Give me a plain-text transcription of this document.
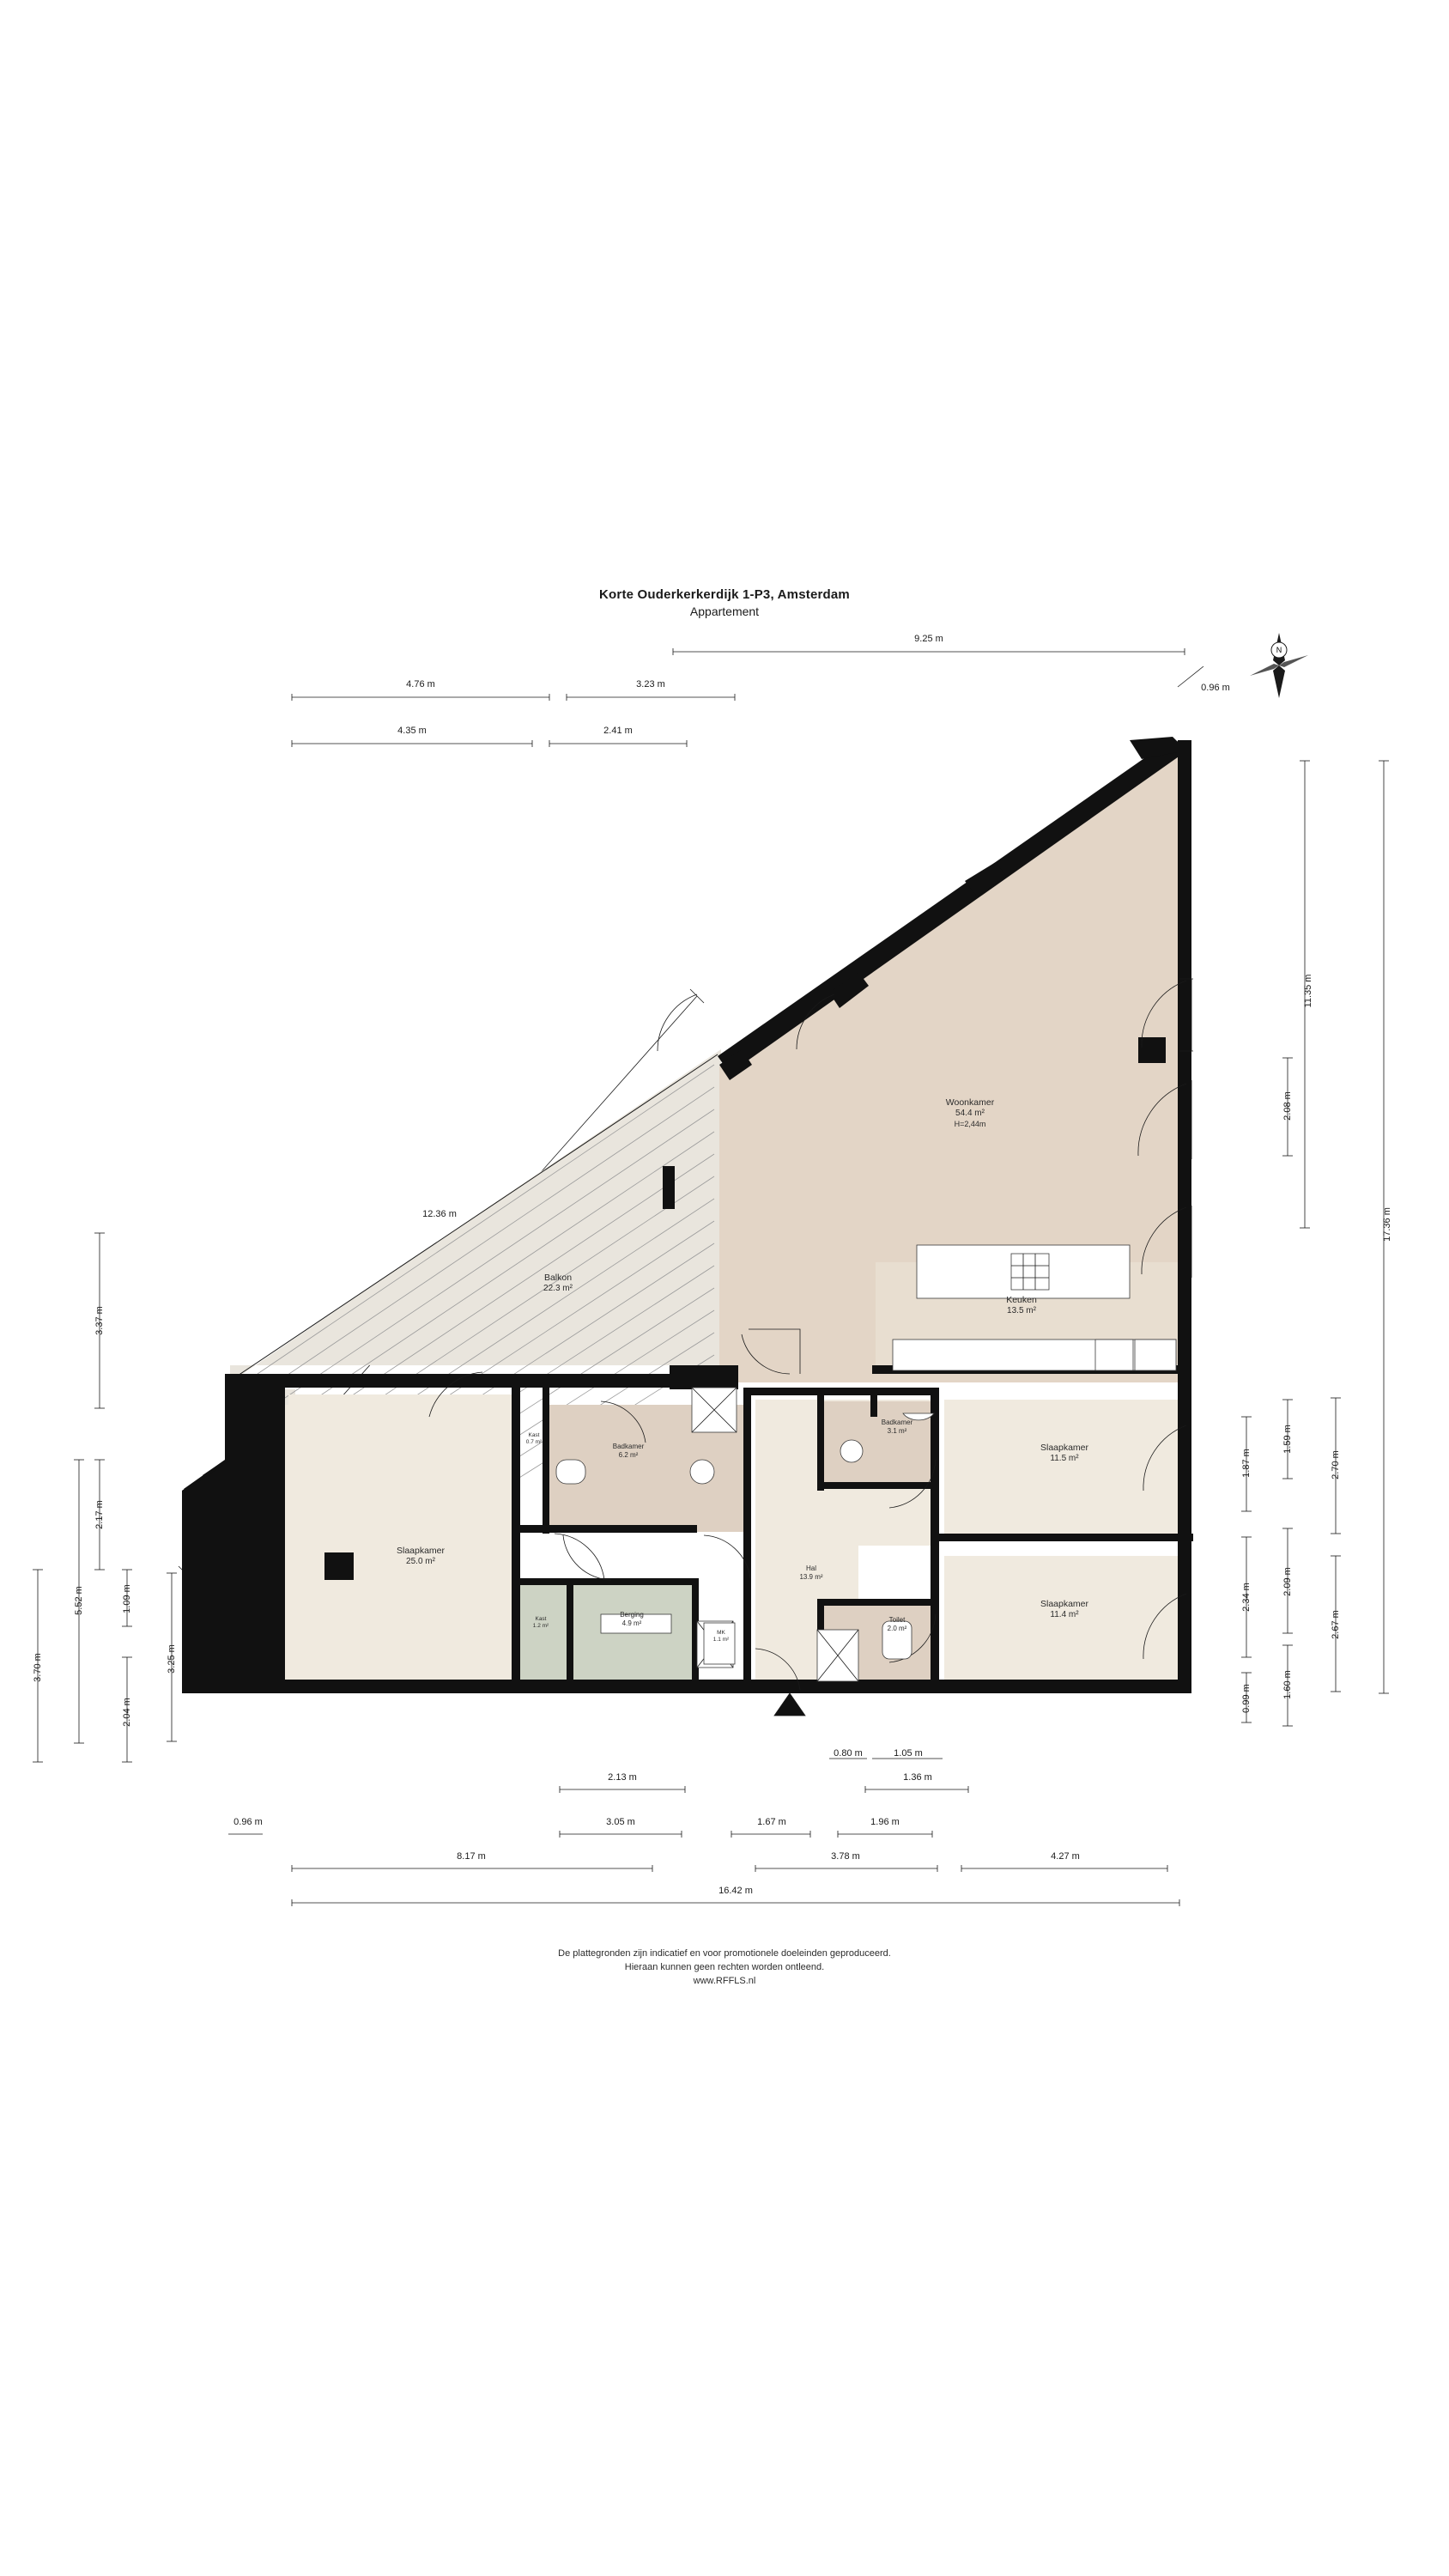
Korte Ouderkerkerdijk 1-P3, Amsterdam
Appartement
N
Woonkamer
54.4 m²
H=2,44m
Keuken
13.5 m²
Balkon
22.3 m²
Slaapkamer
25.0 m²
Slaapkamer
11.5 m²
Slaapkamer
11.4 m²
Badkamer
6.2 m²
Badkamer
3.1 m²
Hal
13.9 m²
Toilet
2.0 m²
Berging
4.9 m²
Kast
0.7 m²
Kast
1.2 m²
MK
1.1 m²
9.25 m
4.76 m	3.23 m
4.35 m	2.41 m
0.96 m
17.36 m
11.35 m
2.08 m
1.87 m
1.59 m
2.70 m
2.34 m
2.09 m
2.67 m
0.99 m	1.60 m
3.37 m
2.17 m
5.52 m	1.09 m
3.70 m	3.25 m
2.04 m
12.36 m
0.80 m	1.05 m
2.13 m	1.36 m
0.96 m	3.05 m	1.67 m	1.96 m
8.17 m	3.78 m	4.27 m
16.42 m
De plattegronden zijn indicatief en voor promotionele doeleinden geproduceerd.
Hieraan kunnen geen rechten worden ontleend.
www.RFFLS.nl
